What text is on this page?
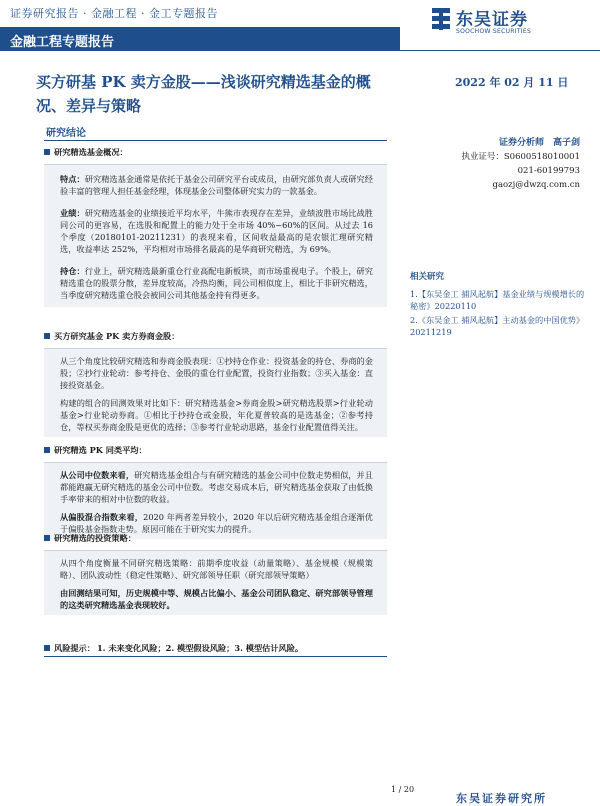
证券研究报告 · 金融工程 · 金工专题报告
金融工程专题报告
东吴证券
SOOCHOW SECURITIES
买方研基 PK 卖方金股——浅谈研究精选基金的概况、差异与策略
2022 年 02 月 11 日
研究结论
研究精选基金概况：
特点：研究精选基金通常是依托于基金公司研究平台或成员，由研究部负责人或研究经验丰富的管理人担任基金经理，体现基金公司整体研究实力的一款基金。
业绩：研究精选基金的业绩接近平均水平，牛熊市表现存在差异，业绩波胜市场比战胜同公司的更容易，在选股和配置上的能力处于全市场 40%~60%的区间。从过去 16 个季度（20180101-20211231）的表现来看，区间收益最高的是农银汇理研究精选，收益率达 252%，平均相对市场排名最高的是华商研究精选，为 69%。
持仓：行业上，研究精选最新重仓行业高配电新板块，而市场重视电子。个股上，研究精选重仓的股票分散，差异度较高，冷热均衡，同公司相似度上，相比于非研究精选，当季度研究精选重仓股会被同公司其他基金持有得更多。
买方研究基金 PK 卖方券商金股：
从三个角度比较研究精选和券商金股表现：①抄持仓作业：投资基金的持仓、券商的金股；②抄行业轮动：参考持仓、金股的重仓行业配置，投资行业指数；③买入基金：直接投资基金。
构建的组合的回测效果对比如下：研究精选基金>券商金股>研究精选股票>行业轮动基金>行业轮动券商。①相比于抄持仓或金股，年化夏普较高的是选基金；②参考持仓，等权买券商金股是更优的选择；③参考行业轮动思路，基金行业配置值得关注。
研究精选 PK 同类平均：
从公司中位数来看，研究精选基金组合与有研究精选的基金公司中位数走势相似，并且都能跑赢无研究精选的基金公司中位数。考虑交易成本后，研究精选基金获取了由低换手率带来的相对中位数的收益。
从偏股混合指数来看，2020 年两者差异较小，2020 年以后研究精选基金组合逐渐优于偏股基金指数走势。原因可能在于研究实力的提升。
研究精选的投资策略：
从四个角度衡量不同研究精选策略：前期季度收益（动量策略）、基金规模（规模策略）、团队波动性（稳定性策略）、研究部领导任职（研究部领导策略）
由回测结果可知，历史规模中等、规模占比偏小、基金公司团队稳定、研究部领导管理的这类研究精选基金表现较好。
风险提示： 1. 未来变化风险；2. 模型假设风险；3. 模型估计风险。
证券分析师　高子剑
执业证号：S0600518010001
021-60199793
gaozj@dwzq.com.cn
相关研究
1.【东吴金工 捕风起航】基金业绩与规模增长的秘密》20220110
2.《东吴金工 捕风起航】主动基金的中国优势》20211219
1 / 20
东吴证券研究所
